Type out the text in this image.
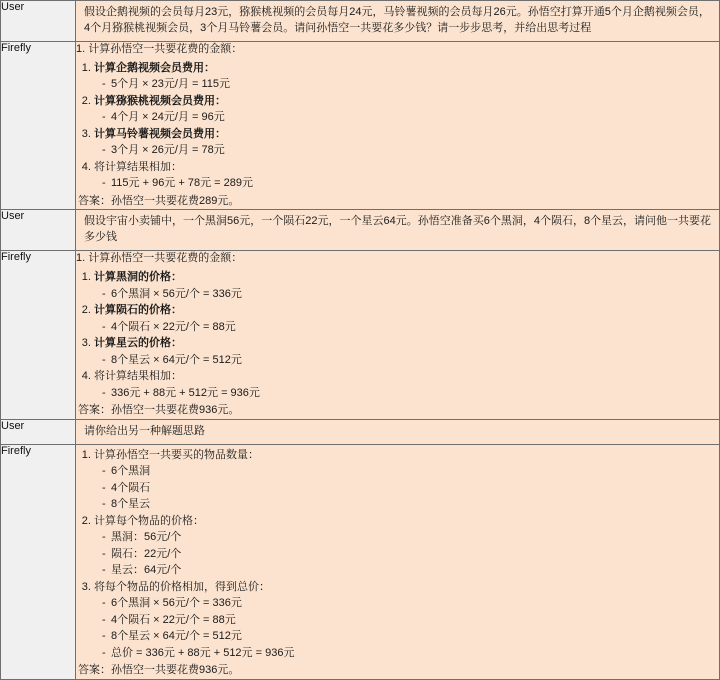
User	假设企鹅视频的会员每月23元，猕猴桃视频的会员每月24元，马铃薯视频的会员每月26元。孙悟空打算开通5个月企鹅视频会员，4个月猕猴桃视频会员，3个月马铃薯会员。请问孙悟空一共要花多少钱？请一步步思考，并给出思考过程

Firefly	1. 计算孙悟空一共要花费的金额：
1. 计算企鹅视频会员费用：
- 5个月 × 23元/月 = 115元
2. 计算猕猴桃视频会员费用：
- 4个月 × 24元/月 = 96元
3. 计算马铃薯视频会员费用：
- 3个月 × 26元/月 = 78元
4. 将计算结果相加：
- 115元 + 96元 + 78元 = 289元
答案：孙悟空一共要花费289元。

User	假设宇宙小卖铺中，一个黑洞56元，一个陨石22元，一个星云64元。孙悟空准备买6个黑洞，4个陨石，8个星云，请问他一共要花多少钱

Firefly	1. 计算孙悟空一共要花费的金额：
1. 计算黑洞的价格：
- 6个黑洞 × 56元/个 = 336元
2. 计算陨石的价格：
- 4个陨石 × 22元/个 = 88元
3. 计算星云的价格：
- 8个星云 × 64元/个 = 512元
4. 将计算结果相加：
- 336元 + 88元 + 512元 = 936元
答案：孙悟空一共要花费936元。

User	请你给出另一种解题思路

Firefly	
1.计算孙悟空一共要买的物品数量：
- 6个黑洞
- 4个陨石
- 8个星云
2. 计算每个物品的价格：
- 黑洞：56元/个
- 陨石：22元/个
- 星云：64元/个
3. 将每个物品的价格相加，得到总价：
- 6个黑洞 × 56元/个 = 336元
- 4个陨石 × 22元/个 = 88元
- 8个星云 × 64元/个 = 512元
- 总价 = 336元 + 88元 + 512元 = 936元
答案：孙悟空一共要花费936元。
